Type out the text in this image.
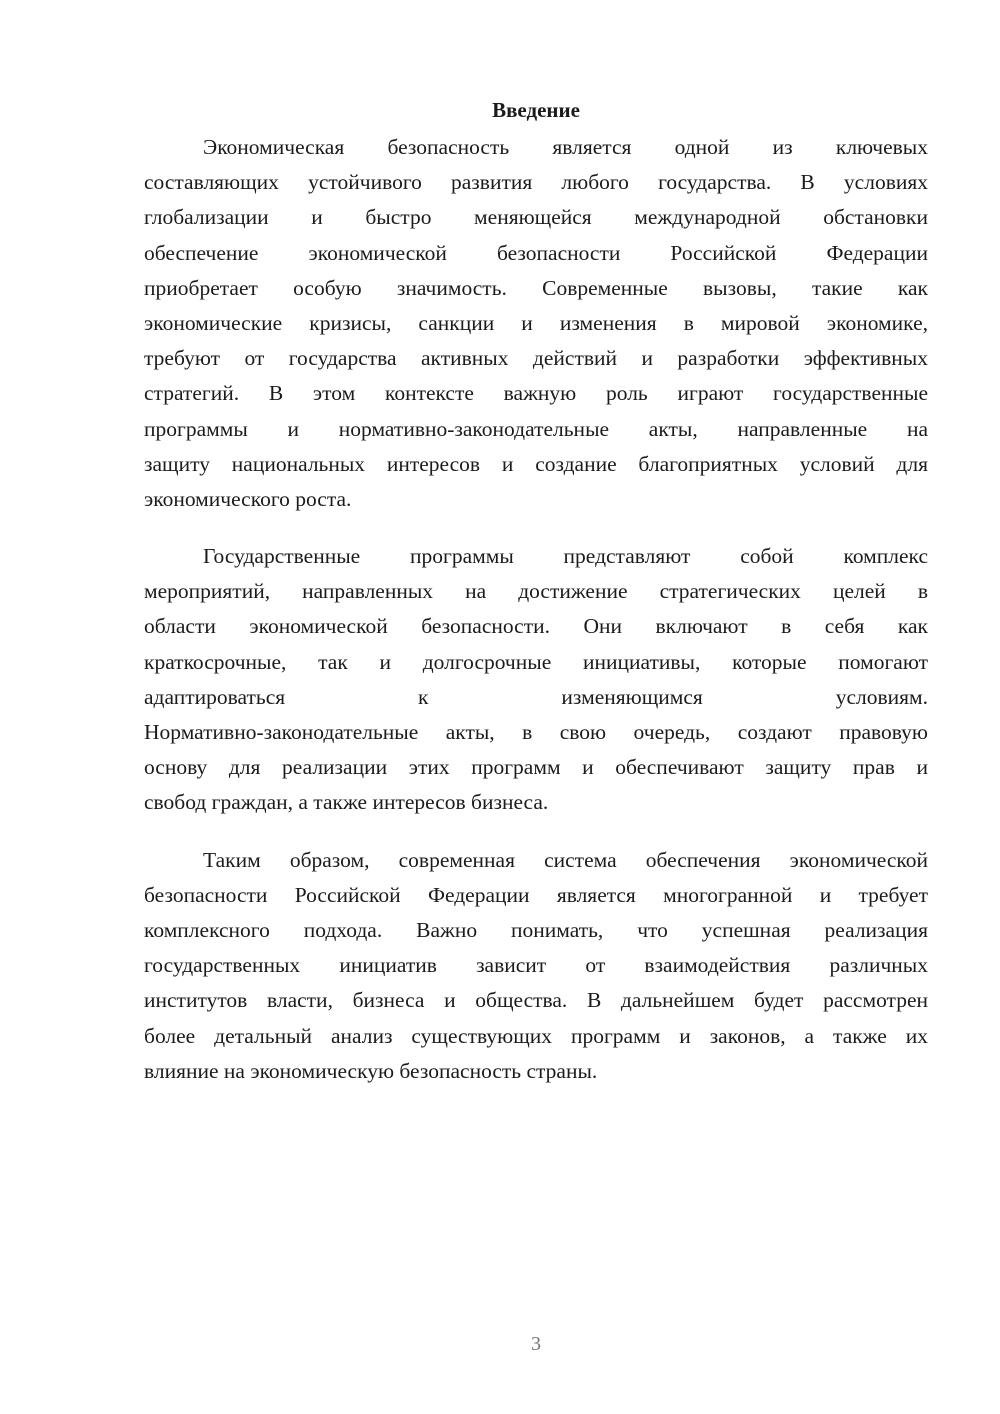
Введение

Экономическая безопасность является одной из ключевых
составляющих устойчивого развития любого государства. В условиях
глобализации и быстро меняющейся международной обстановки
обеспечение экономической безопасности Российской Федерации
приобретает особую значимость. Современные вызовы, такие как
экономические кризисы, санкции и изменения в мировой экономике,
требуют от государства активных действий и разработки эффективных
стратегий. В этом контексте важную роль играют государственные
программы и нормативно-законодательные акты, направленные на
защиту национальных интересов и создание благоприятных условий для
экономического роста.

Государственные программы представляют собой комплекс
мероприятий, направленных на достижение стратегических целей в
области экономической безопасности. Они включают в себя как
краткосрочные, так и долгосрочные инициативы, которые помогают
адаптироваться к изменяющимся условиям.
Нормативно-законодательные акты, в свою очередь, создают правовую
основу для реализации этих программ и обеспечивают защиту прав и
свобод граждан, а также интересов бизнеса.

Таким образом, современная система обеспечения экономической
безопасности Российской Федерации является многогранной и требует
комплексного подхода. Важно понимать, что успешная реализация
государственных инициатив зависит от взаимодействия различных
институтов власти, бизнеса и общества. В дальнейшем будет рассмотрен
более детальный анализ существующих программ и законов, а также их
влияние на экономическую безопасность страны.

3
